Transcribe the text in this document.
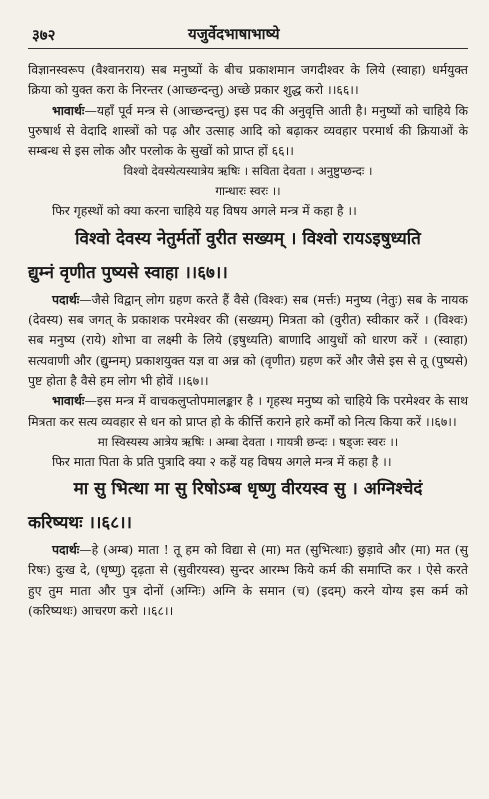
३७२	यजुर्वेदभाषाभाष्ये

विज्ञानस्वरूप (वैश्वानराय) सब मनुष्यों के बीच प्रकाशमान जगदीश्वर के लिये (स्वाहा) धर्मयुक्त क्रिया को युक्त करा के निरन्तर (आच्छन्दन्तु) अच्छे प्रकार शुद्ध करो ।।६६।।

भावार्थः—यहाँ पूर्व मन्त्र से (आच्छन्दन्तु) इस पद की अनुवृत्ति आती है। मनुष्यों को चाहिये कि पुरुषार्थ से वेदादि शास्त्रों को पढ़ और उत्साह आदि को बढ़ाकर व्यवहार परमार्थ की क्रियाओं के सम्बन्ध से इस लोक और परलोक के सुखों को प्राप्त हों ६६।।

विश्वो देवस्येत्यस्यात्रेय ऋषिः । सविता देवता । अनुष्टुप्छन्दः ।

गान्धारः स्वरः ।।

फिर गृहस्थों को क्या करना चाहिये यह विषय अगले मन्त्र में कहा है ।।

विश्वो देवस्य नेतुर्मर्तो वुरीत सख्यम् । विश्वो रायऽइषुध्यति

द्युम्नं वृणीत पुष्यसे स्वाहा ।।६७।।

पदार्थः—जैसे विद्वान् लोग ग्रहण करते हैं वैसे (विश्वः) सब (मर्त्तः) मनुष्य (नेतुः) सब के नायक (देवस्य) सब जगत् के प्रकाशक परमेश्वर की (सख्यम्) मित्रता को (वुरीत) स्वीकार करें । (विश्वः) सब मनुष्य (राये) शोभा वा लक्ष्मी के लिये (इषुध्यति) बाणादि आयुधों को धारण करें । (स्वाहा) सत्यवाणी और (द्युम्नम्) प्रकाशयुक्त यज्ञ वा अन्न को (वृणीत) ग्रहण करें और जैसे इस से तू (पुष्यसे) पुष्ट होता है वैसे हम लोग भी होवें ।।६७।।

भावार्थः—इस मन्त्र में वाचकलुप्तोपमालङ्कार है । गृहस्थ मनुष्य को चाहिये कि परमेश्वर के साथ मित्रता कर सत्य व्यवहार से धन को प्राप्त हो के कीर्त्ति कराने हारे कर्मों को नित्य किया करें ।।६७।।

मा स्विस्यस्य आत्रेय ऋषिः । अम्बा देवता । गायत्री छन्दः । षड्जः स्वरः ।।

फिर माता पिता के प्रति पुत्रादि क्या २ कहें यह विषय अगले मन्त्र में कहा है ।।

मा सु भित्था मा सु रिषोऽम्ब धृष्णु वीरयस्व सु । अग्निश्चेदं

करिष्यथः ।।६८।।

पदार्थः—हे (अम्ब) माता ! तू हम को विद्या से (मा) मत (सुभित्थाः) छुड़ावे और (मा) मत (सु रिषः) दुःख दे, (धृष्णु) दृढ़ता से (सुवीरयस्व) सुन्दर आरम्भ किये कर्म की समाप्ति कर । ऐसे करते हुए तुम माता और पुत्र दोनों (अग्निः) अग्नि के समान (च) (इदम्) करने योग्य इस कर्म को (करिष्यथः) आचरण करो ।।६८।।
